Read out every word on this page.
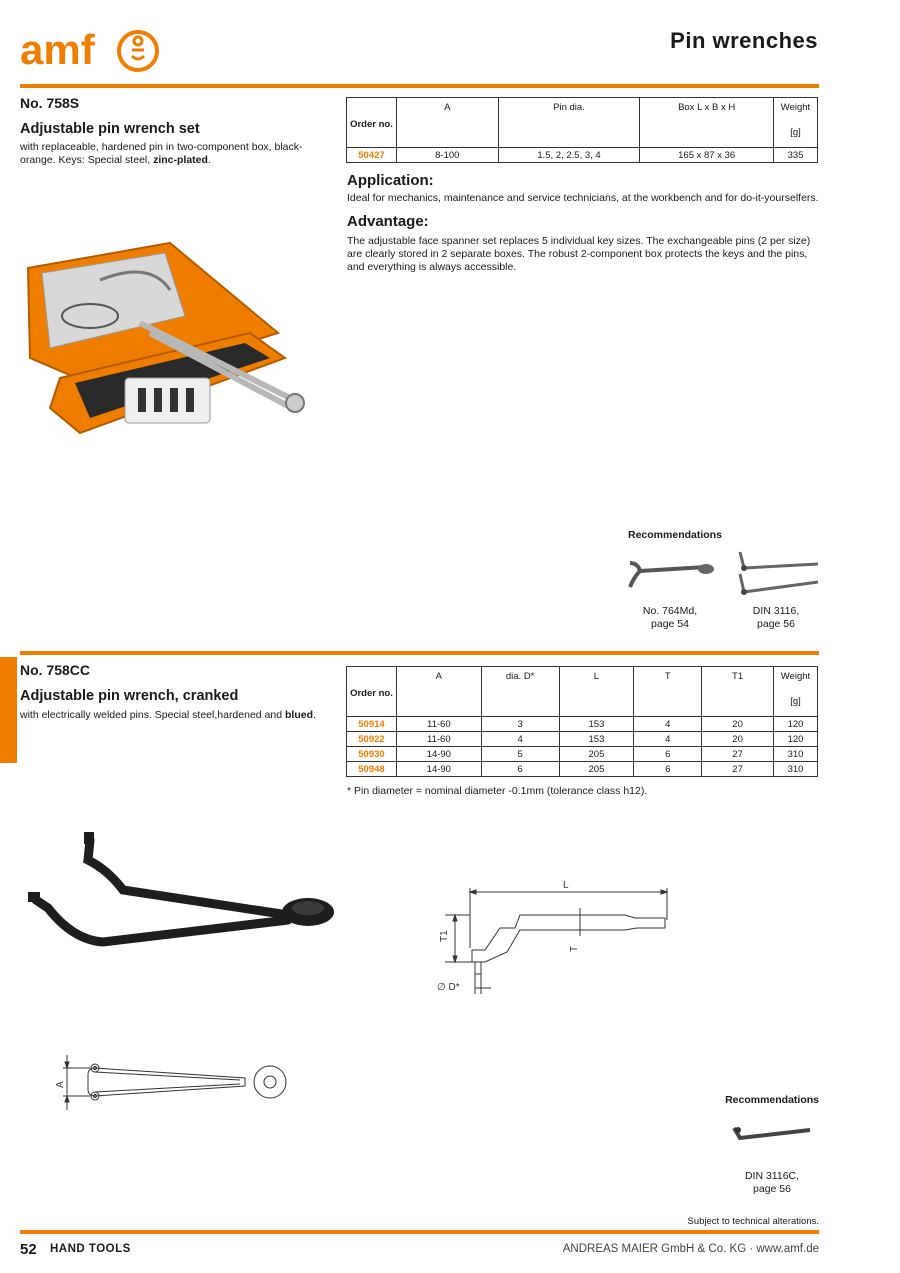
amf	Pin wrenches
No. 758S
Adjustable pin wrench set
with replaceable, hardened pin in two-component box, black-
orange. Keys: Special steel, zinc-plated.
Order no.	A	Pin dia.	Box L x B x H	Weight
[g]

50427	8-100	1.5, 2, 2.5, 3, 4	165 x 87 x 36	335
Application:
Ideal for mechanics, maintenance and service technicians, at the workbench and for do-it-yourselfers.
Advantage:
The adjustable face spanner set replaces 5 individual key sizes. The exchangeable pins (2 per size)
are clearly stored in 2 separate boxes. The robust 2-component box protects the keys and the pins,
and everything is always accessible.
Recommendations
No. 764Md,
page 54
DIN 3116,
page 56
No. 758CC
Adjustable pin wrench, cranked
with electrically welded pins. Special steel,hardened and blued.
Order no.	A	dia. D*	L	T	T1	Weight
[g]

50914	11-60	3	153	4	20	120
50922	11-60	4	153	4	20	120
50930	14-90	5	205	6	27	310
50948	14-90	6	205	6	27	310
* Pin diameter = nominal diameter -0.1mm (tolerance class h12).
L
T1
T
∅ D*
A
Recommendations
DIN 3116C,
page 56
Subject to technical alterations.
52 HAND TOOLS	ANDREAS MAIER GmbH & Co. KG · www.amf.de
